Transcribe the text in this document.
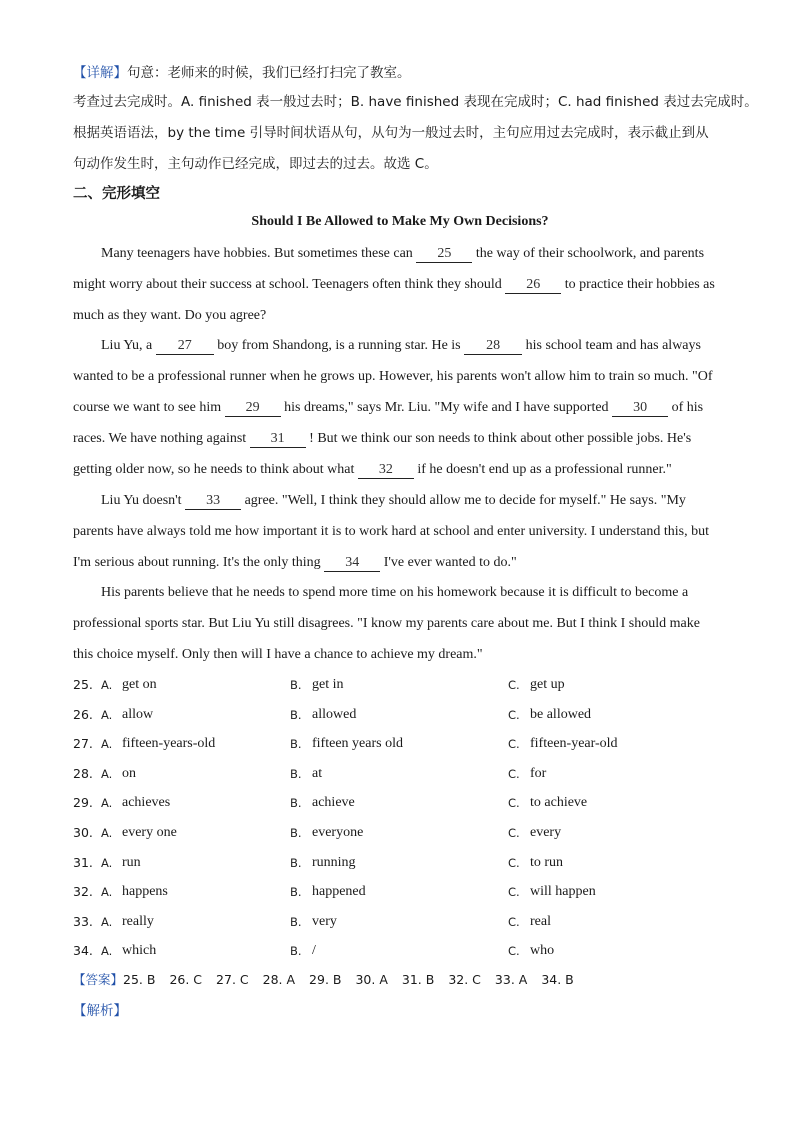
【详解】句意：老师来的时候，我们已经打扫完了教室。
考查过去完成时。A. finished 表一般过去时；B. have finished 表现在完成时；C. had finished 表过去完成时。
根据英语语法，by the time 引导时间状语从句，从句为一般过去时，主句应用过去完成时，表示截止到从
句动作发生时，主句动作已经完成，即过去的过去。故选 C。
二、完形填空
Should I Be Allowed to Make My Own Decisions?
Many teenagers have hobbies. But sometimes these can 25 the way of their schoolwork, and parents
might worry about their success at school. Teenagers often think they should 26 to practice their hobbies as
much as they want. Do you agree?
Liu Yu, a 27 boy from Shandong, is a running star. He is 28 his school team and has always
wanted to be a professional runner when he grows up. However, his parents won't allow him to train so much. "Of
course we want to see him 29 his dreams," says Mr. Liu. "My wife and I have supported 30 of his
races. We have nothing against 31 ! But we think our son needs to think about other possible jobs. He's
getting older now, so he needs to think about what 32 if he doesn't end up as a professional runner."
Liu Yu doesn't 33 agree. "Well, I think they should allow me to decide for myself." He says. "My
parents have always told me how important it is to work hard at school and enter university. I understand this, but
I'm serious about running. It's the only thing 34 I've ever wanted to do."
His parents believe that he needs to spend more time on his homework because it is difficult to become a
professional sports star. But Liu Yu still disagrees. "I know my parents care about me. But I think I should make
this choice myself. Only then will I have a chance to achieve my dream."
25. A. get on	B. get in	C. get up
26. A. allow	B. allowed	C. be allowed
27. A. fifteen-years-old	B. fifteen years old	C. fifteen-year-old
28. A. on	B. at	C. for
29. A. achieves	B. achieve	C. to achieve
30. A. every one	B. everyone	C. every
31. A. run	B. running	C. to run
32. A. happens	B. happened	C. will happen
33. A. really	B. very	C. real
34. A. which	B. /	C. who
【答案】25. B 26. C 27. C 28. A 29. B 30. A 31. B 32. C 33. A 34. B
【解析】
